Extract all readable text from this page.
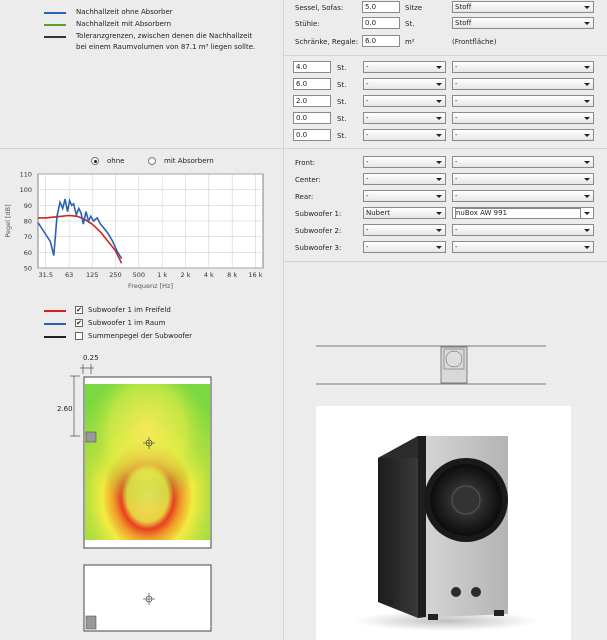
Nachhallzeit ohne Absorber
Nachhallzeit mit Absorbern
Toleranzgrenzen, zwischen denen die Nachhallzeit
bei einem Raumvolumen von 87.1 m³ liegen sollte.
Sessel, Sofas:	5.0	Sitze	Stoff
Stühle:	0.0	St.	Stoff
Schränke, Regale: 6.0	m²	(Frontfläche)
4.0	St.	-	-
6.0	St.	-	-
2.0	St.	-	-
0.0	St.	-	-
0.0	St.	-	-
ohne	mit Absorbern
110
100
90
80
70
60
50
31.5 63 125 250 500 1 k 2 k 4 k 8 k 16 k
Pegel [dB]
Frequenz [Hz]
✔ Subwoofer 1 im Freifeld
✔ Subwoofer 1 im Raum
Summenpegel der Subwoofer
0.25
2.60
Front:	-	-
Center:	-	-
Rear:	-	-
Subwoofer 1:	Nubert	nuBox AW 991
Subwoofer 2:	-	-
Subwoofer 3:	-	-
